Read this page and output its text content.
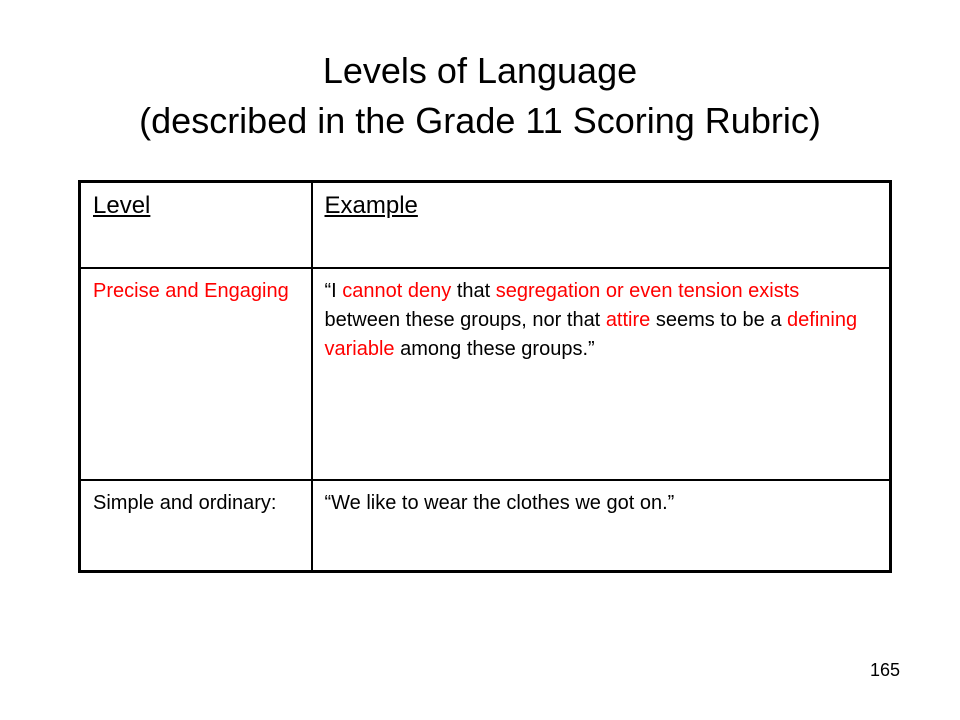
Levels of Language
(described in the Grade 11 Scoring Rubric)
Level	Example
Precise and Engaging	“I cannot deny that segregation or even tension exists between these groups, nor that attire seems to be a defining variable among these groups.”
Simple and ordinary:	“We like to wear the clothes we got on.”
165
